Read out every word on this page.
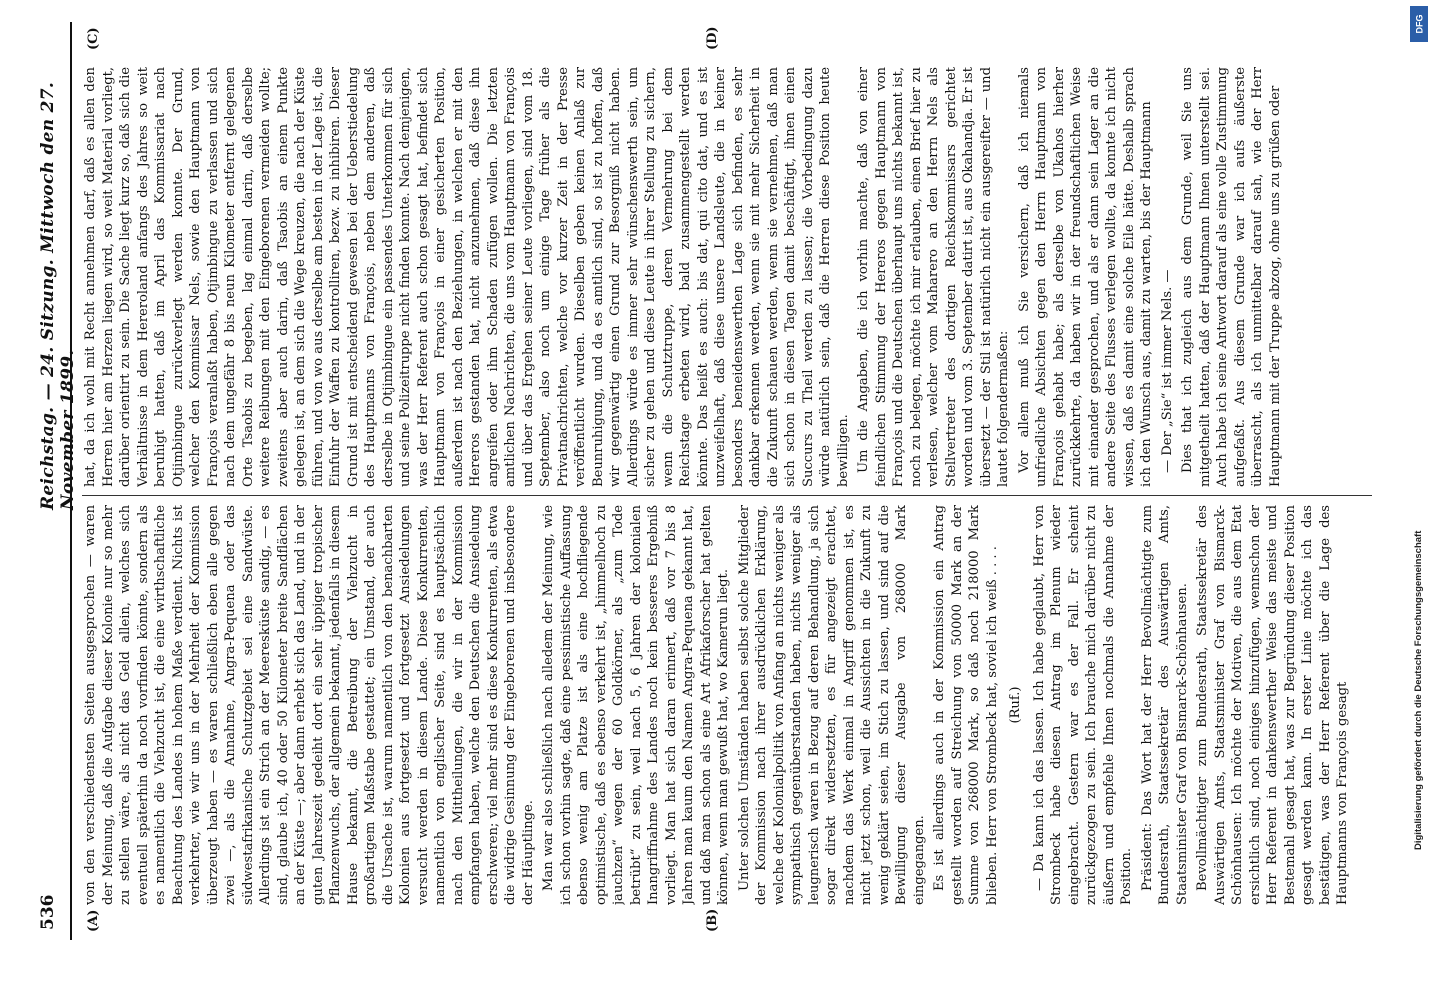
536
Reichstag. — 24. Sitzung. Mittwoch den 27. November 1899.
(A)	(B)
(C)	(D)

von den verschiedensten Seiten ausgesprochen — waren der Meinung, daß die Aufgabe dieser Kolonie nur so mehr zu stellen wäre, als nicht das Geld allein, welches sich eventuell späterhin da noch vorfinden könnte, sondern als es namentlich die Viehzucht ist, die eine wirthschaftliche Beachtung des Landes in hohem Maße verdient. Nichts ist verkehrter, wie wir uns in der Mehrheit der Kommission überzeugt haben — es waren schließlich eben alle gegen zwei —, als die Annahme, Angra-Pequena oder das südwestafrikanische Schutzgebiet sei eine Sandwüste. Allerdings ist ein Strich an der Meeresküste sandig, — es sind, glaube ich, 40 oder 50 Kilometer breite Sandflächen an der Küste —; aber dann erhebt sich das Land, und in der guten Jahreszeit gedeiht dort ein sehr üppiger tropischer Pflanzenwuchs, der allgemein bekannt, jedenfalls in diesem Hause bekannt, die Betreibung der Viehzucht in großartigem Maßstabe gestattet; ein Umstand, der auch die Ursache ist, warum namentlich von den benachbarten Kolonien aus fortgesetzt und fortgesetzt Ansiedelungen versucht werden in diesem Lande. Diese Konkurrenten, namentlich von englischer Seite, sind es hauptsächlich nach den Mittheilungen, die wir in der Kommission empfangen haben, welche den Deutschen die Ansiedelung erschweren; viel mehr sind es diese Konkurrenten, als etwa die widrige Gesinnung der Eingeborenen und insbesondere der Häuptlinge. Man war also schließlich nach alledem der Meinung, wie ich schon vorhin sagte, daß eine pessimistische Auffassung ebenso wenig am Platze ist als eine hochfliegende optimistische, daß es ebenso verkehrt ist, „himmelhoch zu jauchzen“ wegen der 60 Goldkörner, als „zum Tode betrübt“ zu sein, weil nach 5, 6 Jahren der kolonialen Inangriffnahme des Landes noch kein besseres Ergebniß vorliegt. Man hat sich daran erinnert, daß vor 7 bis 8 Jahren man kaum den Namen Angra-Pequena gekannt hat, und daß man schon als eine Art Afrikaforscher hat gelten können, wenn man gewußt hat, wo Kamerun liegt. Unter solchen Umständen haben selbst solche Mitglieder der Kommission nach ihrer ausdrücklichen Erklärung, welche der Kolonialpolitik von Anfang an nichts weniger als sympathisch gegenüberstanden haben, nichts weniger als leugnerisch waren in Bezug auf deren Behandlung, ja sich sogar direkt widersetzten, es für angezeigt erachtet, nachdem das Werk einmal in Angriff genommen ist, es nicht jetzt schon, weil die Aussichten in die Zukunft zu wenig geklärt seien, im Stich zu lassen, und sind auf die Bewilligung dieser Ausgabe von 268000 Mark eingegangen. Es ist allerdings auch in der Kommission ein Antrag gestellt worden auf Streichung von 50000 Mark an der Summe von 268000 Mark, so daß noch 218000 Mark blieben. Herr von Strombeck hat, soviel ich weiß . . . . (Ruf.) — Da kann ich das lassen. Ich habe geglaubt, Herr von Strombeck habe diesen Antrag im Plenum wieder eingebracht. Gestern war es der Fall. Er scheint zurückgezogen zu sein. Ich brauche mich darüber nicht zu äußern und empfehle Ihnen nochmals die Annahme der Position. Präsident: Das Wort hat der Herr Bevollmächtigte zum Bundesrath, Staatssekretär des Auswärtigen Amts, Staatsminister Graf von Bismarck-Schönhausen. Bevollmächtigter zum Bundesrath, Staatssekretär des Auswärtigen Amts, Staatsminister Graf von Bismarck-Schönhausen: Ich möchte der Motiven, die aus dem Etat ersichtlich sind, noch einiges hinzufügen, wennschon der Herr Referent in dankenswerther Weise das meiste und Bestemahl gesagt hat, was zur Begründung dieser Position gesagt werden kann. In erster Linie möchte ich das bestätigen, was der Herr Referent über die Lage des Hauptmanns von François gesagt

hat, da ich wohl mit Recht annehmen darf, daß es allen den Herren hier am Herzen liegen wird, so weit Material vorliegt, darüber orientirt zu sein. Die Sache liegt kurz so, daß sich die Verhältnisse in dem Hereroland anfangs des Jahres so weit beruhigt hatten, daß im April das Kommissariat nach Otjimbingue zurückverlegt werden konnte. Der Grund, welcher den Kommissar Nels, sowie den Hauptmann von François veranlaßt haben, Otjimbingue zu verlassen und sich nach dem ungefähr 8 bis neun Kilometer entfernt gelegenen Orte Tsaobis zu begeben, lag einmal darin, daß derselbe weitere Reibungen mit den Eingeborenen vermeiden wollte; zweitens aber auch darin, daß Tsaobis an einem Punkte gelegen ist, an dem sich die Wege kreuzen, die nach der Küste führen, und von wo aus derselbe am besten in der Lage ist, die Einfuhr der Waffen zu kontrolliren, bezw. zu inhibiren. Dieser Grund ist mit entscheidend gewesen bei der Ueberstiedelung des Hauptmanns von François, neben dem anderen, daß derselbe in Otjimbingue ein passendes Unterkommen für sich und seine Polizeitruppe nicht finden konnte. Nach demjenigen, was der Herr Referent auch schon gesagt hat, befindet sich Hauptmann von François in einer gesicherten Position, außerdem ist nach den Beziehungen, in welchen er mit den Hereros gestanden hat, nicht anzunehmen, daß diese ihn angreifen oder ihm Schaden zufügen wollen. Die letzten amtlichen Nachrichten, die uns vom Hauptmann von François und über das Ergehen seiner Leute vorliegen, sind vom 18. September, also noch um einige Tage früher als die Privatnachrichten, welche vor kurzer Zeit in der Presse veröffentlicht wurden. Dieselben geben keinen Anlaß zur Beunruhigung, und da es amtlich sind, so ist zu hoffen, daß wir gegenwärtig einen Grund zur Besorgniß nicht haben. Allerdings würde es immer sehr wünschenswerth sein, um sicher zu gehen und diese Leute in ihrer Stellung zu sichern, wenn die Schutztruppe, deren Vermehrung bei dem Reichstage erbeten wird, bald zusammengestellt werden könnte. Das heißt es auch: bis dat, qui cito dat, und es ist unzweifelhaft, daß diese unsere Landsleute, die in keiner besonders beneidenswerthen Lage sich befinden, es sehr dankbar erkennen werden, wenn sie mit mehr Sicherheit in die Zukunft schauen werden, wenn sie vernehmen, daß man sich schon in diesen Tagen damit beschäftigt, ihnen einen Succurs zu Theil werden zu lassen; die Vorbedingung dazu würde natürlich sein, daß die Herren diese Position heute bewilligen. Um die Angaben, die ich vorhin machte, daß von einer feindlichen Stimmung der Hereros gegen Hauptmann von François und die Deutschen überhaupt uns nichts bekannt ist, noch zu belegen, möchte ich mir erlauben, einen Brief hier zu verlesen, welcher vom Maharero an den Herrn Nels als Stellvertreter des dortigen Reichskommissars gerichtet worden und vom 3. September datirt ist, aus Okahandja. Er ist übersetzt — der Stil ist natürlich nicht ein ausgereifter — und lautet folgendermaßen: Vor allem muß ich Sie versichern, daß ich niemals unfriedliche Absichten gegen den Herrn Hauptmann von François gehabt habe; als derselbe von Ukahos hierher zurückkehrte, da haben wir in der freundschaftlichen Weise mit einander gesprochen, und als er dann sein Lager an die andere Seite des Flusses verlegen wollte, da konnte ich nicht wissen, daß es damit eine solche Eile hätte. Deshalb sprach ich den Wunsch aus, damit zu warten, bis der Hauptmann — Der „Sie“ ist immer Nels. — Dies that ich zugleich aus dem Grunde, weil Sie uns mitgetheilt hatten, daß der Hauptmann Ihnen unterstellt sei. Auch habe ich seine Antwort darauf als eine volle Zustimmung aufgefaßt. Aus diesem Grunde war ich aufs äußerste überrascht, als ich unmittelbar darauf sah, wie der Herr Hauptmann mit der Truppe abzog, ohne uns zu grüßen oder

Digitalisierung gefördert durch die Deutsche Forschungsgemeinschaft
DFG
